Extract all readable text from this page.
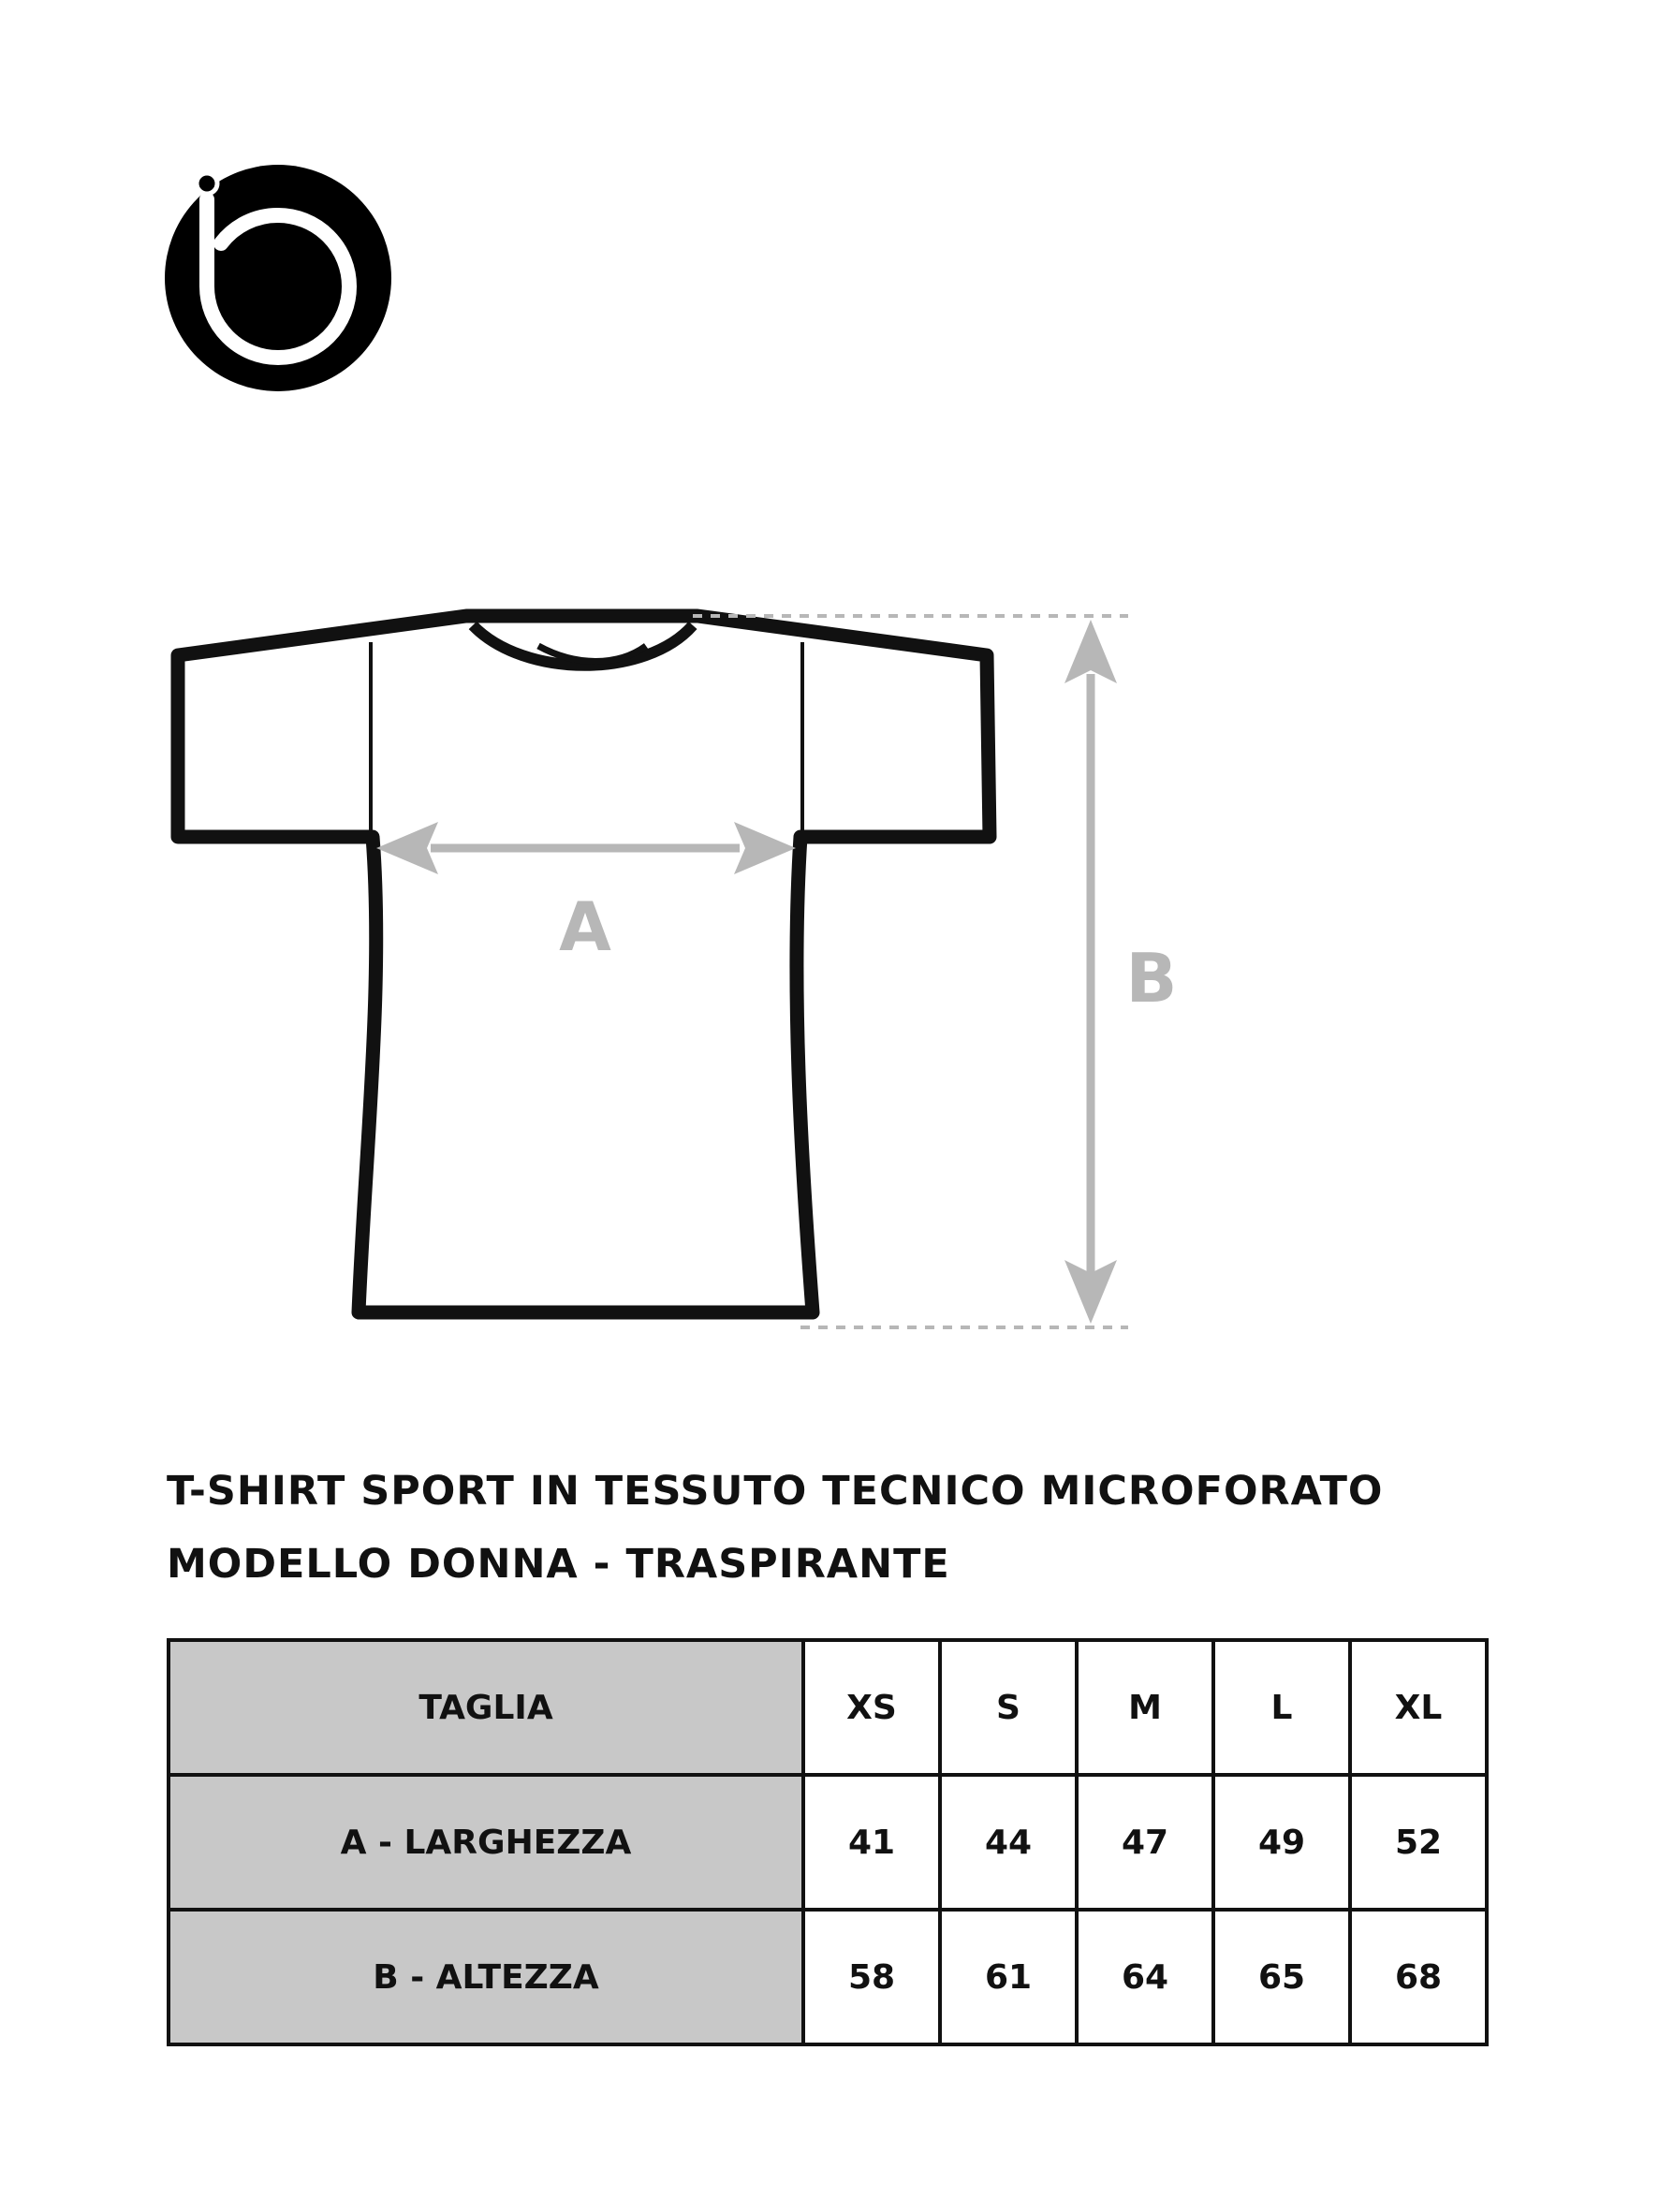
A
B
T-SHIRT SPORT IN TESSUTO TECNICO MICROFORATO
MODELLO DONNA - TRASPIRANTE
TAGLIA	XS	S	M	L	XL
A - LARGHEZZA	41	44	47	49	52
B - ALTEZZA	58	61	64	65	68
